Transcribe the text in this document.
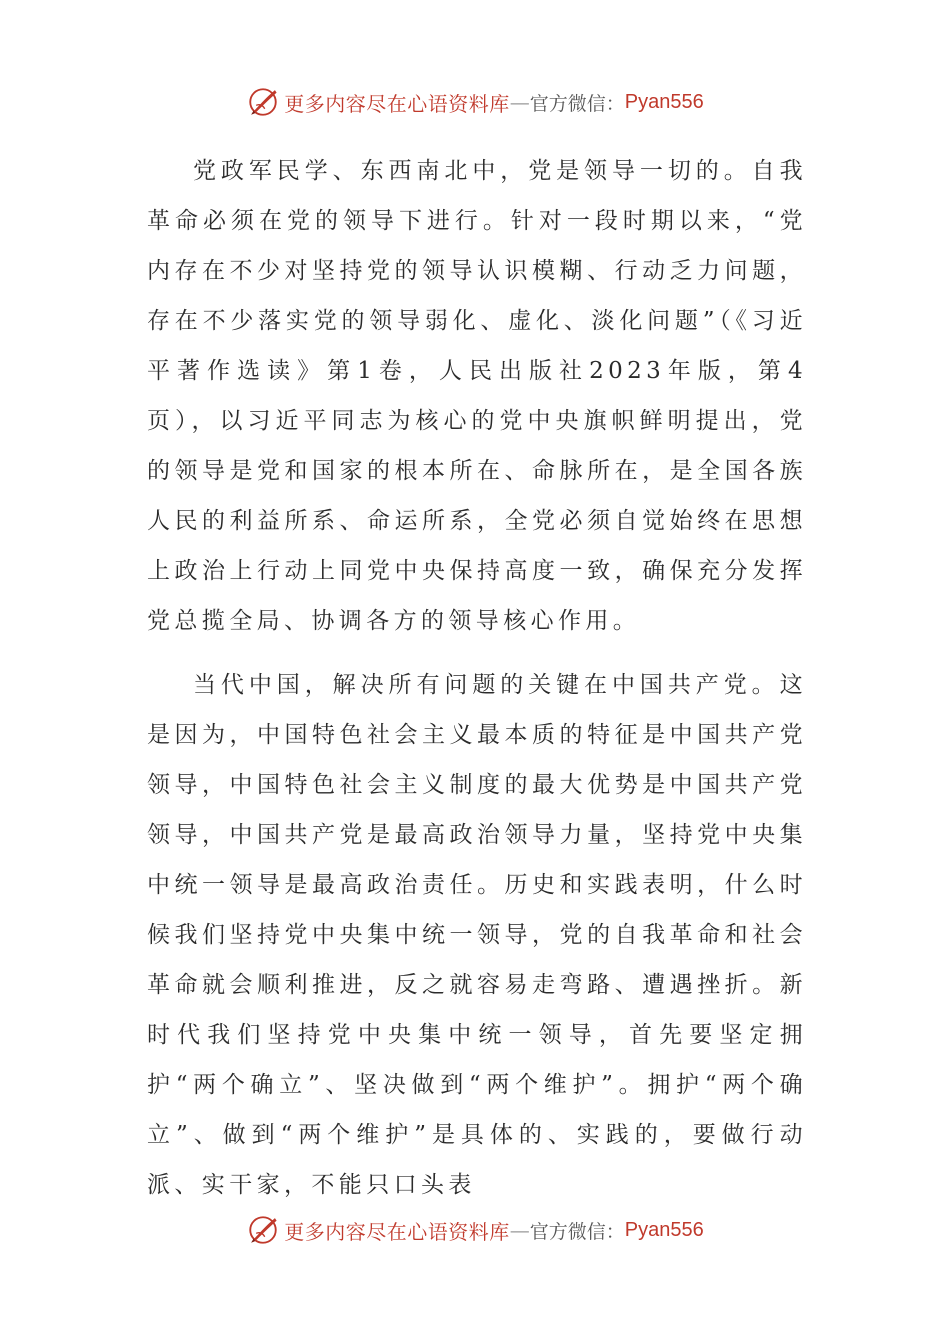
更多内容尽在心语资料库 — 官方微信： Pyan556

党政军民学、东西南北中，党是领导一切的。自我革命必须在党的领导下进行。针对一段时期以来，“党内存在不少对坚持党的领导认识模糊、行动乏力问题，存在不少落实党的领导弱化、虚化、淡化问题”（《习近平著作选读》第1卷，人民出版社2023年版，第4页），以习近平同志为核心的党中央旗帜鲜明提出，党的领导是党和国家的根本所在、命脉所在，是全国各族人民的利益所系、命运所系，全党必须自觉始终在思想上政治上行动上同党中央保持高度一致，确保充分发挥党总揽全局、协调各方的领导核心作用。

当代中国，解决所有问题的关键在中国共产党。这是因为，中国特色社会主义最本质的特征是中国共产党领导，中国特色社会主义制度的最大优势是中国共产党领导，中国共产党是最高政治领导力量，坚持党中央集中统一领导是最高政治责任。历史和实践表明，什么时候我们坚持党中央集中统一领导，党的自我革命和社会革命就会顺利推进，反之就容易走弯路、遭遇挫折。新时代我们坚持党中央集中统一领导，首先要坚定拥护“两个确立”、坚决做到“两个维护”。拥护“两个确立”、做到“两个维护”是具体的、实践的，要做行动派、实干家，不能只口头表

更多内容尽在心语资料库 — 官方微信： Pyan556
